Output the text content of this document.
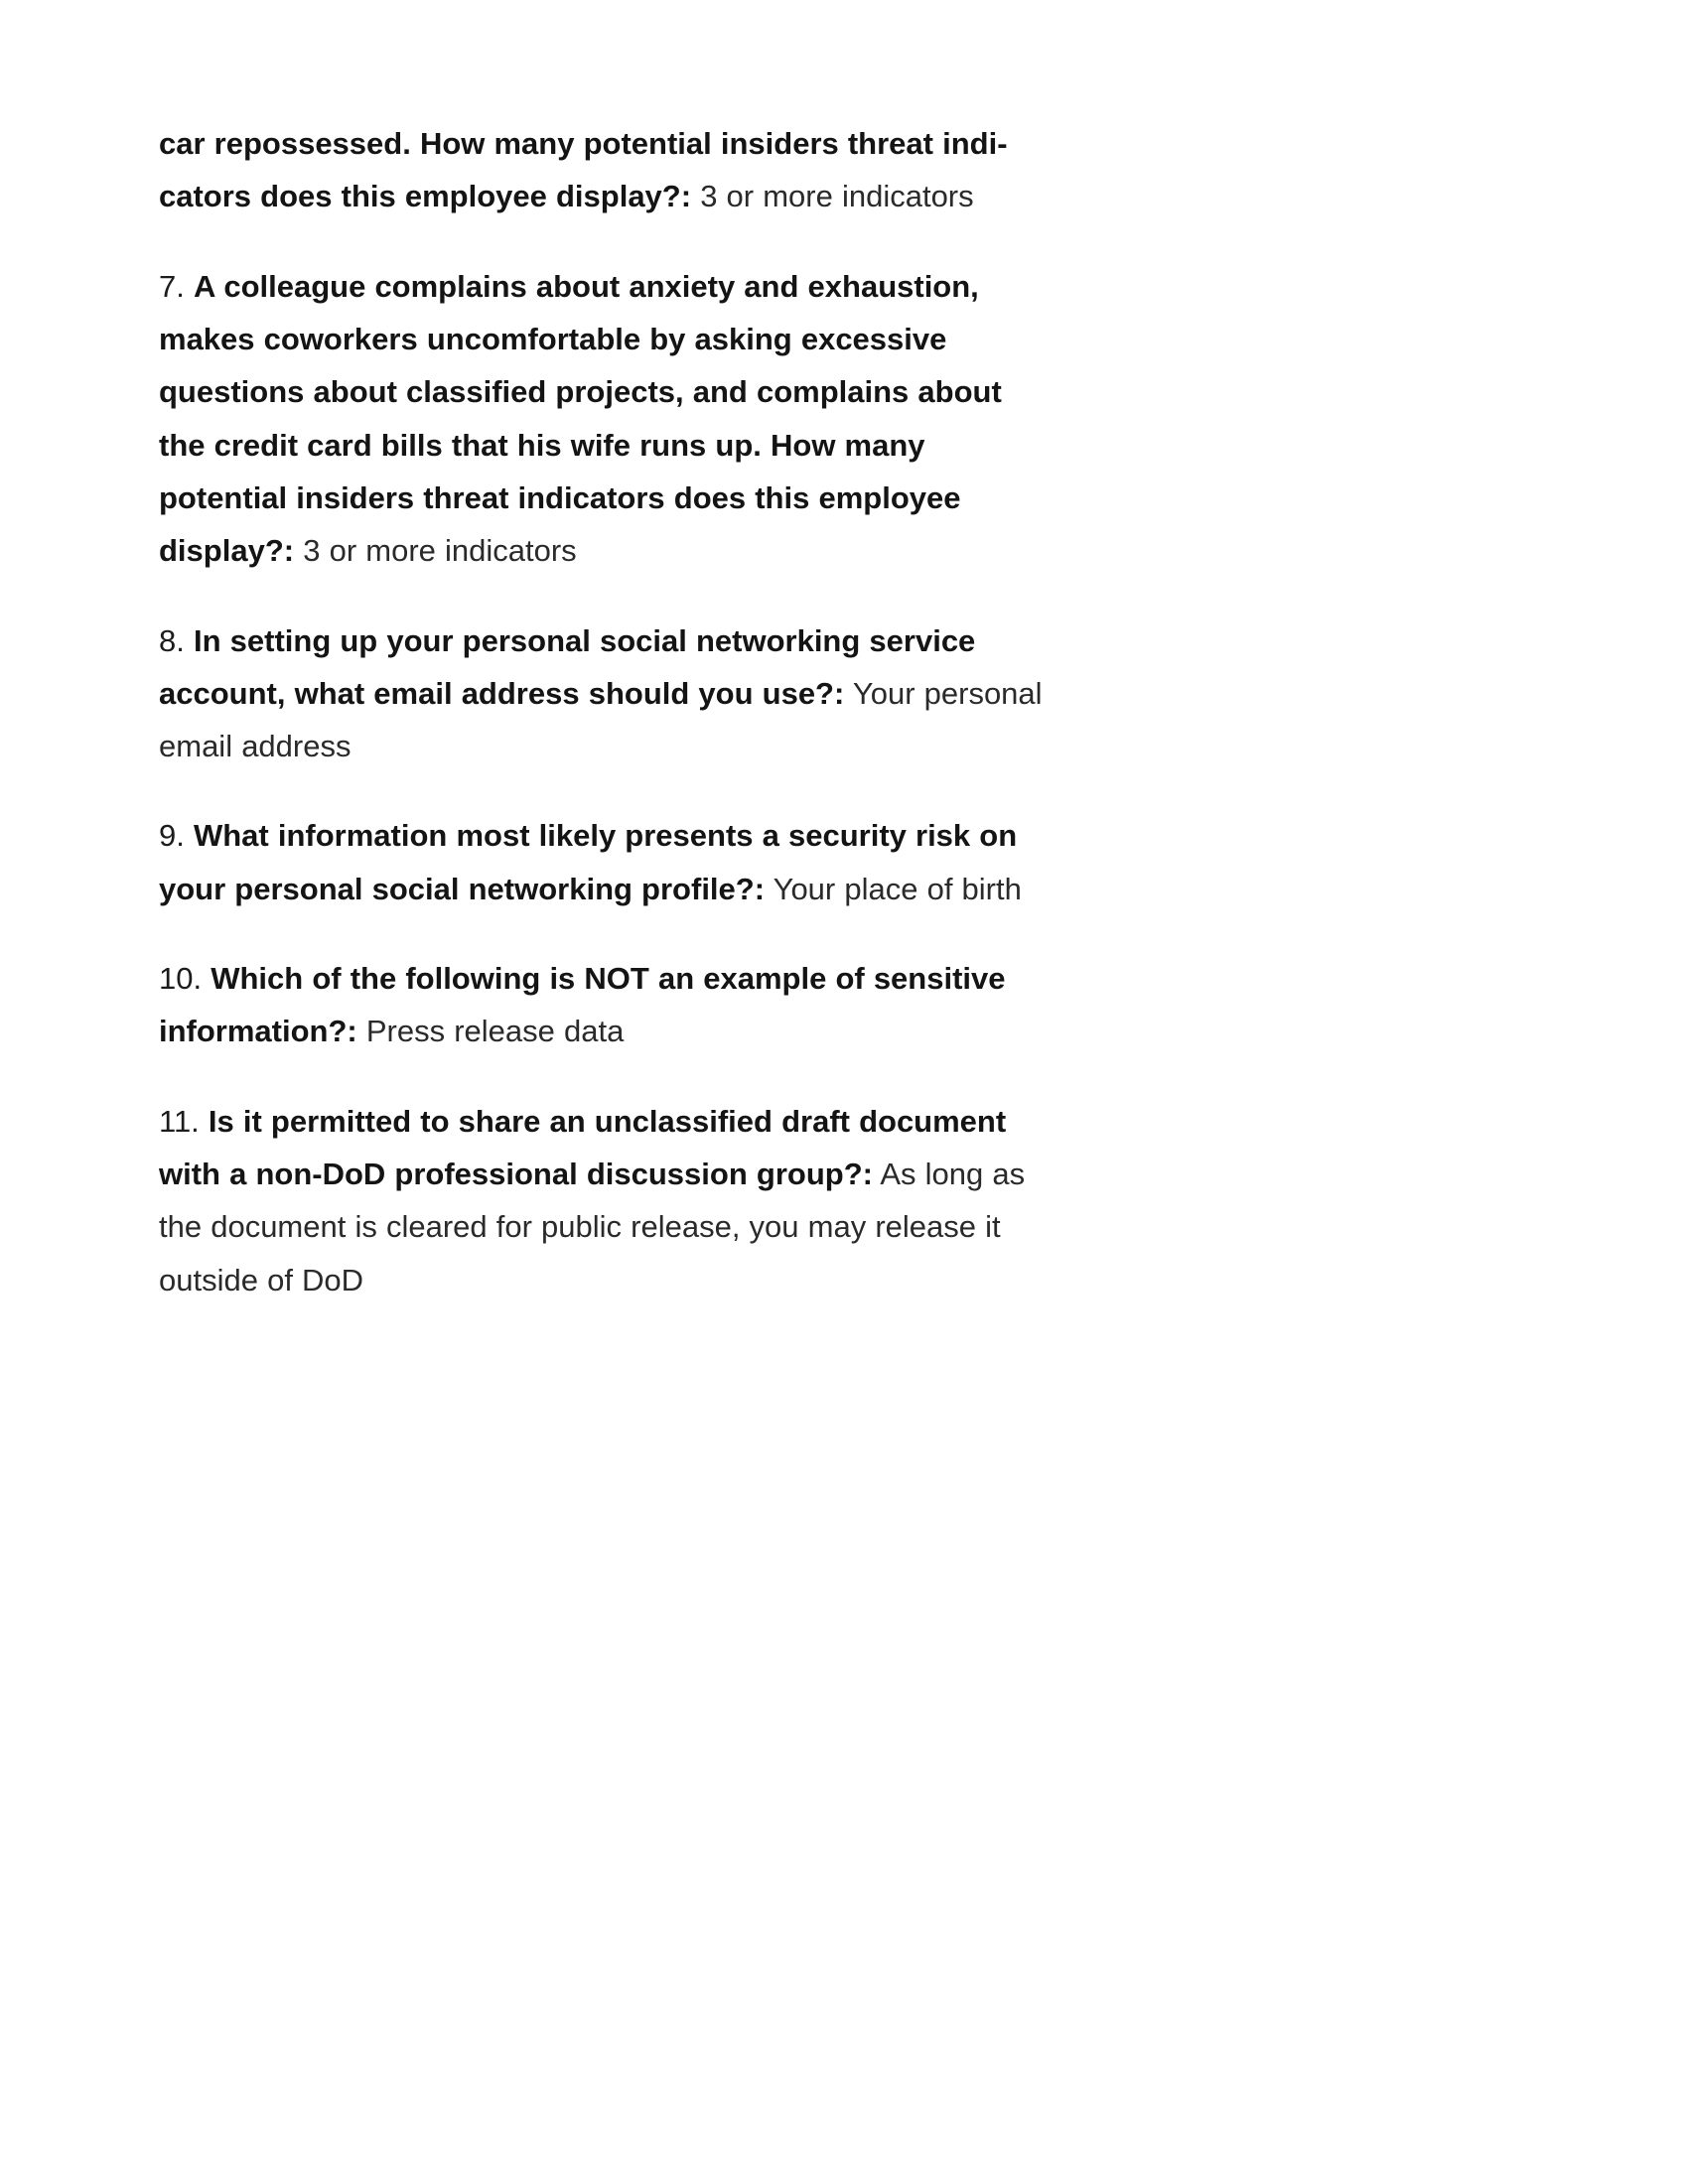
car repossessed. How many potential insiders threat indicators does this employee display?: 3 or more indicators

7. A colleague complains about anxiety and exhaustion, makes coworkers uncomfortable by asking excessive questions about classified projects, and complains about the credit card bills that his wife runs up. How many potential insiders threat indicators does this employee display?: 3 or more indicators

8. In setting up your personal social networking service account, what email address should you use?: Your personal email address

9. What information most likely presents a security risk on your personal social networking profile?: Your place of birth

10. Which of the following is NOT an example of sensitive information?: Press release data

11. Is it permitted to share an unclassified draft document with a non-DoD professional discussion group?: As long as the document is cleared for public release, you may release it outside of DoD
